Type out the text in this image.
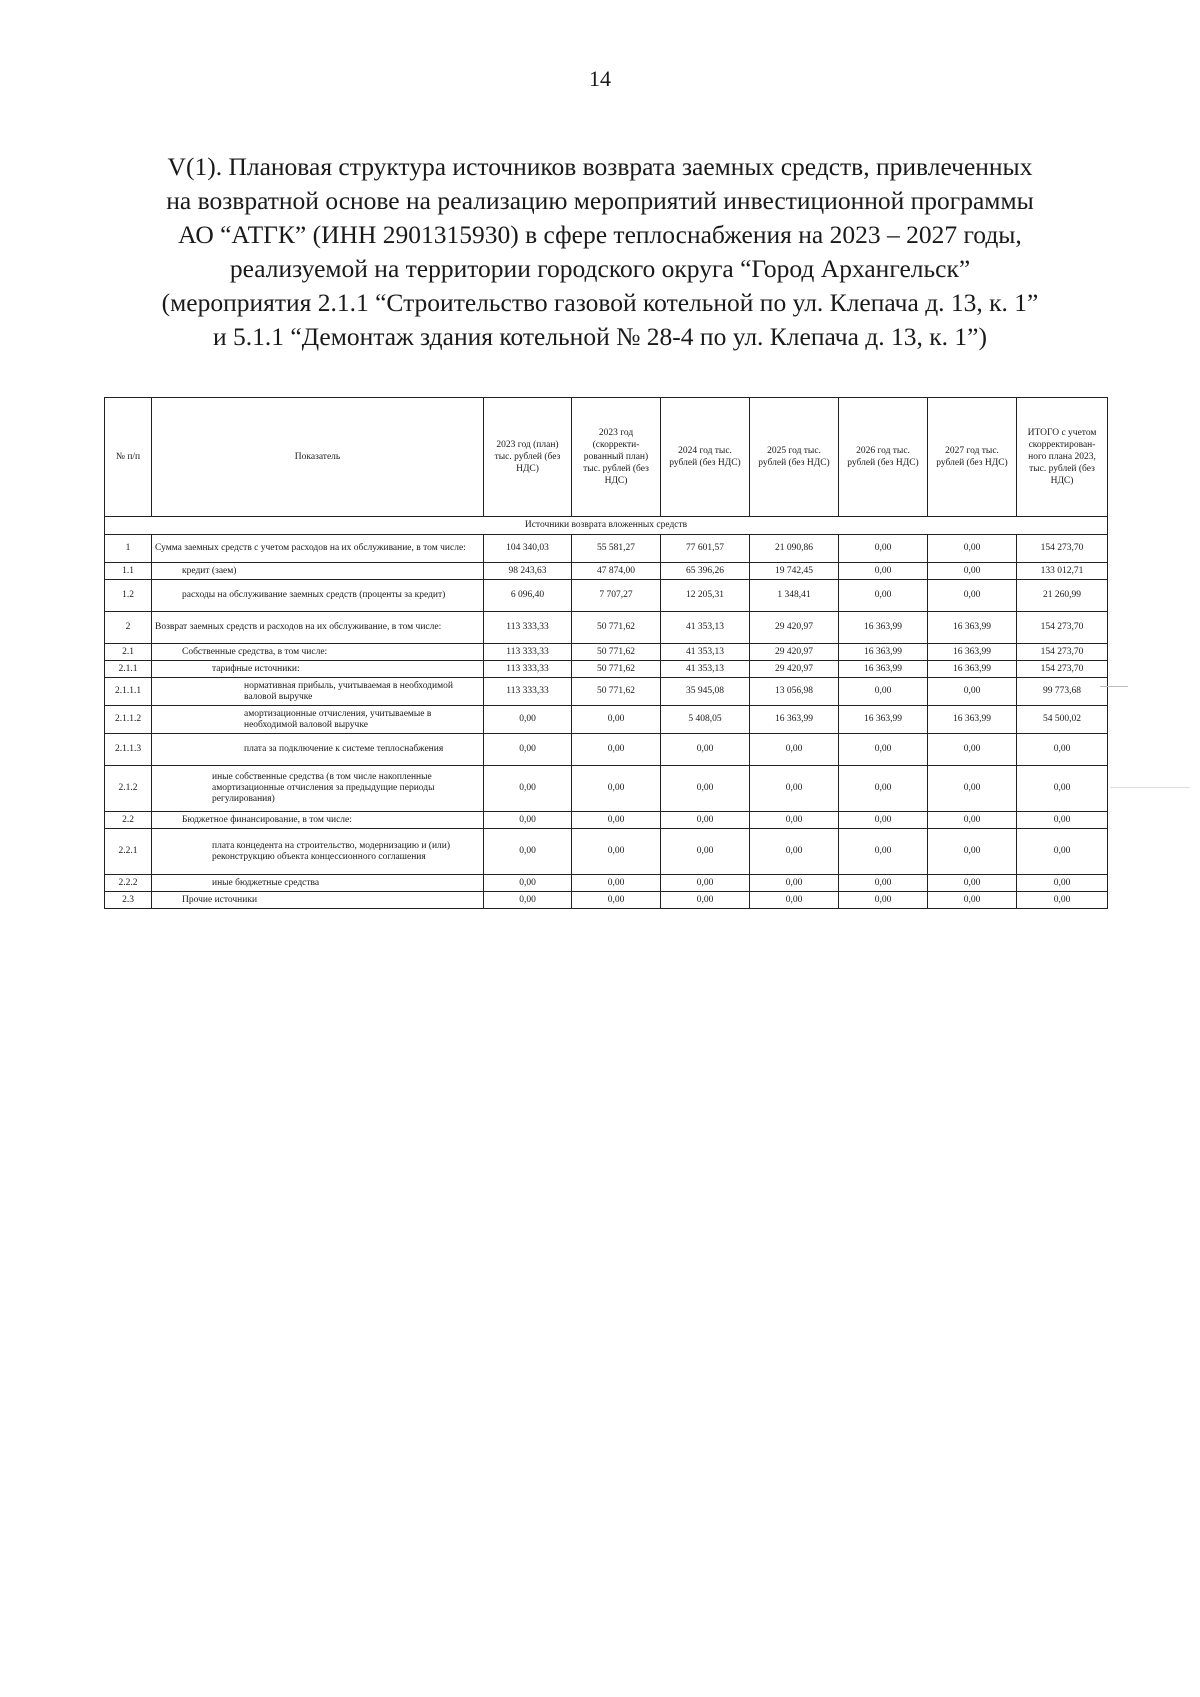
14
V(1). Плановая структура источников возврата заемных средств, привлеченных
на возвратной основе на реализацию мероприятий инвестиционной программы
АО “АТГК” (ИНН 2901315930) в сфере теплоснабжения на 2023 – 2027 годы,
реализуемой на территории городского округа “Город Архангельск”
(мероприятия 2.1.1 “Строительство газовой котельной по ул. Клепача д. 13, к. 1”
и 5.1.1 “Демонтаж здания котельной № 28-4 по ул. Клепача д. 13, к. 1”)
№ п/п	Показатель	2023 год (план) тыс. рублей (без НДС)	2023 год (скорректи-рованный план) тыс. рублей (без НДС)	2024 год тыс. рублей (без НДС)	2025 год тыс. рублей (без НДС)	2026 год тыс. рублей (без НДС)	2027 год тыс. рублей (без НДС)	ИТОГО с учетом скорректирован-ного плана 2023, тыс. рублей (без НДС)
Источники возврата вложенных средств								
1	Сумма заемных средств с учетом расходов на их обслуживание, в том числе:	104 340,03	55 581,27	77 601,57	21 090,86	0,00	0,00	154 273,70
1.1	кредит (заем)	98 243,63	47 874,00	65 396,26	19 742,45	0,00	0,00	133 012,71
1.2	расходы на обслуживание заемных средств (проценты за кредит)	6 096,40	7 707,27	12 205,31	1 348,41	0,00	0,00	21 260,99
2	Возврат заемных средств и расходов на их обслуживание, в том числе:	113 333,33	50 771,62	41 353,13	29 420,97	16 363,99	16 363,99	154 273,70
2.1	Собственные средства, в том числе:	113 333,33	50 771,62	41 353,13	29 420,97	16 363,99	16 363,99	154 273,70
2.1.1	тарифные источники:	113 333,33	50 771,62	41 353,13	29 420,97	16 363,99	16 363,99	154 273,70
2.1.1.1	нормативная прибыль, учитываемая в необходимой валовой выручке	113 333,33	50 771,62	35 945,08	13 056,98	0,00	0,00	99 773,68
2.1.1.2	амортизационные отчисления, учитываемые в необходимой валовой выручке	0,00	0,00	5 408,05	16 363,99	16 363,99	16 363,99	54 500,02
2.1.1.3	плата за подключение к системе теплоснабжения	0,00	0,00	0,00	0,00	0,00	0,00	0,00
2.1.2	иные собственные средства (в том числе накопленные амортизационные отчисления за предыдущие периоды регулирования)	0,00	0,00	0,00	0,00	0,00	0,00	0,00
2.2	Бюджетное финансирование, в том числе:	0,00	0,00	0,00	0,00	0,00	0,00	0,00
2.2.1	плата концедента на строительство, модернизацию и (или) реконструкцию объекта концессионного соглашения	0,00	0,00	0,00	0,00	0,00	0,00	0,00
2.2.2	иные бюджетные средства	0,00	0,00	0,00	0,00	0,00	0,00	0,00
2.3	Прочие источники	0,00	0,00	0,00	0,00	0,00	0,00	0,00
